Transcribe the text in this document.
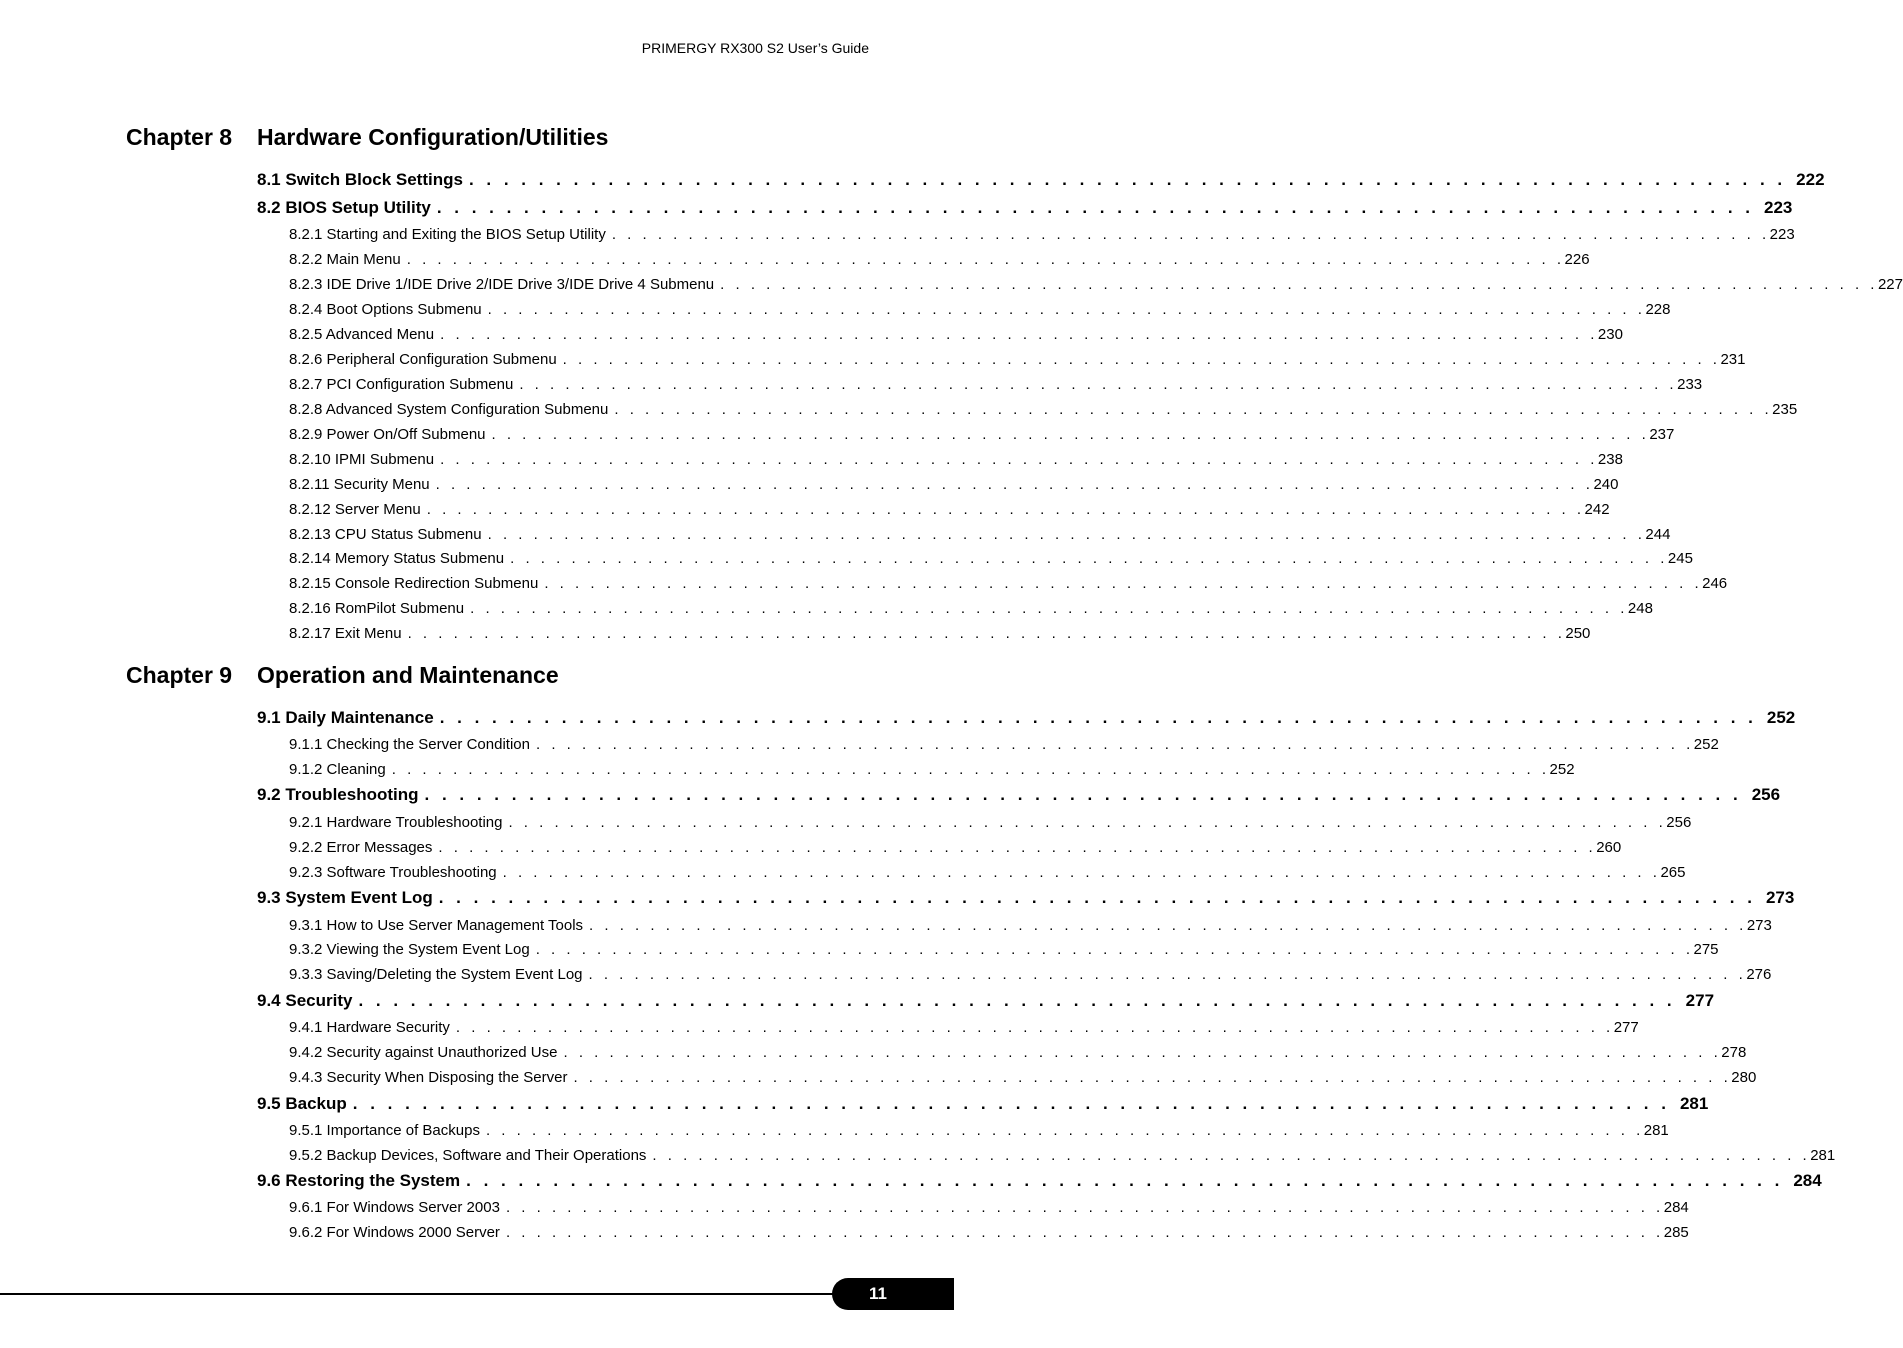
PRIMERGY RX300 S2 User’s Guide
Chapter 8 Hardware Configuration/Utilities
8.1 Switch Block Settings . . . . . . . . . . . . . . . . . . . . . . . . . . . . . . . . . . . . . . . . . . . . . . . . . . . . . . . . . . . . . . . . . . . . . . . . . . . . 222
8.2 BIOS Setup Utility . . . . . . . . . . . . . . . . . . . . . . . . . . . . . . . . . . . . . . . . . . . . . . . . . . . . . . . . . . . . . . . . . . . . . . . . . . . . 223
8.2.1 Starting and Exiting the BIOS Setup Utility . . . . . . . . . . . . . . . . . . . . . . . . . . . . . . . . . . . . . . . . . . . . . . . . . . . . . . . . . . . . . . . . . . . . . . . . . . . . 223
8.2.2 Main Menu . . . . . . . . . . . . . . . . . . . . . . . . . . . . . . . . . . . . . . . . . . . . . . . . . . . . . . . . . . . . . . . . . . . . . . . . . . . . 226
8.2.3 IDE Drive 1/IDE Drive 2/IDE Drive 3/IDE Drive 4 Submenu . . . . . . . . . . . . . . . . . . . . . . . . . . . . . . . . . . . . . . . . . . . . . . . . . . . . . . . . . . . . . . . . . . . . . . . . . . . . 227
8.2.4 Boot Options Submenu . . . . . . . . . . . . . . . . . . . . . . . . . . . . . . . . . . . . . . . . . . . . . . . . . . . . . . . . . . . . . . . . . . . . . . . . . . . . 228
8.2.5 Advanced Menu . . . . . . . . . . . . . . . . . . . . . . . . . . . . . . . . . . . . . . . . . . . . . . . . . . . . . . . . . . . . . . . . . . . . . . . . . . . . 230
8.2.6 Peripheral Configuration Submenu . . . . . . . . . . . . . . . . . . . . . . . . . . . . . . . . . . . . . . . . . . . . . . . . . . . . . . . . . . . . . . . . . . . . . . . . . . . . 231
8.2.7 PCI Configuration Submenu . . . . . . . . . . . . . . . . . . . . . . . . . . . . . . . . . . . . . . . . . . . . . . . . . . . . . . . . . . . . . . . . . . . . . . . . . . . . 233
8.2.8 Advanced System Configuration Submenu . . . . . . . . . . . . . . . . . . . . . . . . . . . . . . . . . . . . . . . . . . . . . . . . . . . . . . . . . . . . . . . . . . . . . . . . . . . . 235
8.2.9 Power On/Off Submenu . . . . . . . . . . . . . . . . . . . . . . . . . . . . . . . . . . . . . . . . . . . . . . . . . . . . . . . . . . . . . . . . . . . . . . . . . . . . 237
8.2.10 IPMI Submenu . . . . . . . . . . . . . . . . . . . . . . . . . . . . . . . . . . . . . . . . . . . . . . . . . . . . . . . . . . . . . . . . . . . . . . . . . . . . 238
8.2.11 Security Menu . . . . . . . . . . . . . . . . . . . . . . . . . . . . . . . . . . . . . . . . . . . . . . . . . . . . . . . . . . . . . . . . . . . . . . . . . . . . 240
8.2.12 Server Menu . . . . . . . . . . . . . . . . . . . . . . . . . . . . . . . . . . . . . . . . . . . . . . . . . . . . . . . . . . . . . . . . . . . . . . . . . . . . 242
8.2.13 CPU Status Submenu . . . . . . . . . . . . . . . . . . . . . . . . . . . . . . . . . . . . . . . . . . . . . . . . . . . . . . . . . . . . . . . . . . . . . . . . . . . . 244
8.2.14 Memory Status Submenu . . . . . . . . . . . . . . . . . . . . . . . . . . . . . . . . . . . . . . . . . . . . . . . . . . . . . . . . . . . . . . . . . . . . . . . . . . . . 245
8.2.15 Console Redirection Submenu . . . . . . . . . . . . . . . . . . . . . . . . . . . . . . . . . . . . . . . . . . . . . . . . . . . . . . . . . . . . . . . . . . . . . . . . . . . . 246
8.2.16 RomPilot Submenu . . . . . . . . . . . . . . . . . . . . . . . . . . . . . . . . . . . . . . . . . . . . . . . . . . . . . . . . . . . . . . . . . . . . . . . . . . . . 248
8.2.17 Exit Menu . . . . . . . . . . . . . . . . . . . . . . . . . . . . . . . . . . . . . . . . . . . . . . . . . . . . . . . . . . . . . . . . . . . . . . . . . . . . 250
Chapter 9 Operation and Maintenance
9.1 Daily Maintenance . . . . . . . . . . . . . . . . . . . . . . . . . . . . . . . . . . . . . . . . . . . . . . . . . . . . . . . . . . . . . . . . . . . . . . . . . . . . 252
9.1.1 Checking the Server Condition . . . . . . . . . . . . . . . . . . . . . . . . . . . . . . . . . . . . . . . . . . . . . . . . . . . . . . . . . . . . . . . . . . . . . . . . . . . . 252
9.1.2 Cleaning . . . . . . . . . . . . . . . . . . . . . . . . . . . . . . . . . . . . . . . . . . . . . . . . . . . . . . . . . . . . . . . . . . . . . . . . . . . . 252
9.2 Troubleshooting . . . . . . . . . . . . . . . . . . . . . . . . . . . . . . . . . . . . . . . . . . . . . . . . . . . . . . . . . . . . . . . . . . . . . . . . . . . . 256
9.2.1 Hardware Troubleshooting . . . . . . . . . . . . . . . . . . . . . . . . . . . . . . . . . . . . . . . . . . . . . . . . . . . . . . . . . . . . . . . . . . . . . . . . . . . . 256
9.2.2 Error Messages . . . . . . . . . . . . . . . . . . . . . . . . . . . . . . . . . . . . . . . . . . . . . . . . . . . . . . . . . . . . . . . . . . . . . . . . . . . . 260
9.2.3 Software Troubleshooting . . . . . . . . . . . . . . . . . . . . . . . . . . . . . . . . . . . . . . . . . . . . . . . . . . . . . . . . . . . . . . . . . . . . . . . . . . . . 265
9.3 System Event Log . . . . . . . . . . . . . . . . . . . . . . . . . . . . . . . . . . . . . . . . . . . . . . . . . . . . . . . . . . . . . . . . . . . . . . . . . . . . 273
9.3.1 How to Use Server Management Tools . . . . . . . . . . . . . . . . . . . . . . . . . . . . . . . . . . . . . . . . . . . . . . . . . . . . . . . . . . . . . . . . . . . . . . . . . . . . 273
9.3.2 Viewing the System Event Log . . . . . . . . . . . . . . . . . . . . . . . . . . . . . . . . . . . . . . . . . . . . . . . . . . . . . . . . . . . . . . . . . . . . . . . . . . . . 275
9.3.3 Saving/Deleting the System Event Log . . . . . . . . . . . . . . . . . . . . . . . . . . . . . . . . . . . . . . . . . . . . . . . . . . . . . . . . . . . . . . . . . . . . . . . . . . . . 276
9.4 Security . . . . . . . . . . . . . . . . . . . . . . . . . . . . . . . . . . . . . . . . . . . . . . . . . . . . . . . . . . . . . . . . . . . . . . . . . . . . 277
9.4.1 Hardware Security . . . . . . . . . . . . . . . . . . . . . . . . . . . . . . . . . . . . . . . . . . . . . . . . . . . . . . . . . . . . . . . . . . . . . . . . . . . . 277
9.4.2 Security against Unauthorized Use . . . . . . . . . . . . . . . . . . . . . . . . . . . . . . . . . . . . . . . . . . . . . . . . . . . . . . . . . . . . . . . . . . . . . . . . . . . . 278
9.4.3 Security When Disposing the Server . . . . . . . . . . . . . . . . . . . . . . . . . . . . . . . . . . . . . . . . . . . . . . . . . . . . . . . . . . . . . . . . . . . . . . . . . . . . 280
9.5 Backup . . . . . . . . . . . . . . . . . . . . . . . . . . . . . . . . . . . . . . . . . . . . . . . . . . . . . . . . . . . . . . . . . . . . . . . . . . . . 281
9.5.1 Importance of Backups . . . . . . . . . . . . . . . . . . . . . . . . . . . . . . . . . . . . . . . . . . . . . . . . . . . . . . . . . . . . . . . . . . . . . . . . . . . . 281
9.5.2 Backup Devices, Software and Their Operations . . . . . . . . . . . . . . . . . . . . . . . . . . . . . . . . . . . . . . . . . . . . . . . . . . . . . . . . . . . . . . . . . . . . . . . . . . . . 281
9.6 Restoring the System . . . . . . . . . . . . . . . . . . . . . . . . . . . . . . . . . . . . . . . . . . . . . . . . . . . . . . . . . . . . . . . . . . . . . . . . . . . . 284
9.6.1 For Windows Server 2003 . . . . . . . . . . . . . . . . . . . . . . . . . . . . . . . . . . . . . . . . . . . . . . . . . . . . . . . . . . . . . . . . . . . . . . . . . . . . 284
9.6.2 For Windows 2000 Server . . . . . . . . . . . . . . . . . . . . . . . . . . . . . . . . . . . . . . . . . . . . . . . . . . . . . . . . . . . . . . . . . . . . . . . . . . . . 285
11
